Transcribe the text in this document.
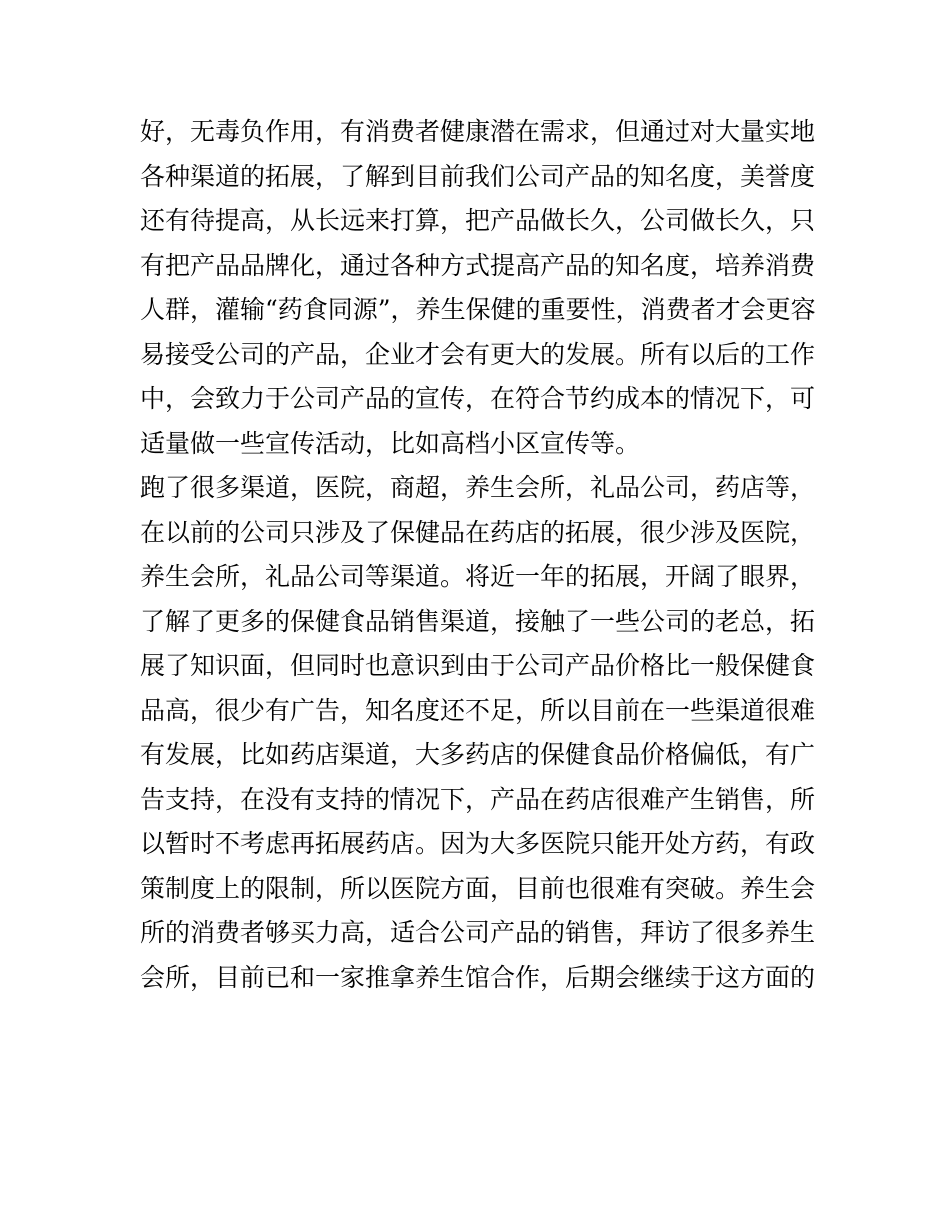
好，无毒负作用，有消费者健康潜在需求，但通过对大量实地
各种渠道的拓展，了解到目前我们公司产品的知名度，美誉度
还有待提高，从长远来打算，把产品做长久，公司做长久，只
有把产品品牌化，通过各种方式提高产品的知名度，培养消费
人群，灌输“药食同源”，养生保健的重要性，消费者才会更容
易接受公司的产品，企业才会有更大的发展。所有以后的工作
中，会致力于公司产品的宣传，在符合节约成本的情况下，可
适量做一些宣传活动，比如高档小区宣传等。
跑了很多渠道，医院，商超，养生会所，礼品公司，药店等，
在以前的公司只涉及了保健品在药店的拓展，很少涉及医院，
养生会所，礼品公司等渠道。将近一年的拓展，开阔了眼界，
了解了更多的保健食品销售渠道，接触了一些公司的老总，拓
展了知识面，但同时也意识到由于公司产品价格比一般保健食
品高，很少有广告，知名度还不足，所以目前在一些渠道很难
有发展，比如药店渠道，大多药店的保健食品价格偏低，有广
告支持，在没有支持的情况下，产品在药店很难产生销售，所
以暂时不考虑再拓展药店。因为大多医院只能开处方药，有政
策制度上的限制，所以医院方面，目前也很难有突破。养生会
所的消费者够买力高，适合公司产品的销售，拜访了很多养生
会所，目前已和一家推拿养生馆合作，后期会继续于这方面的
